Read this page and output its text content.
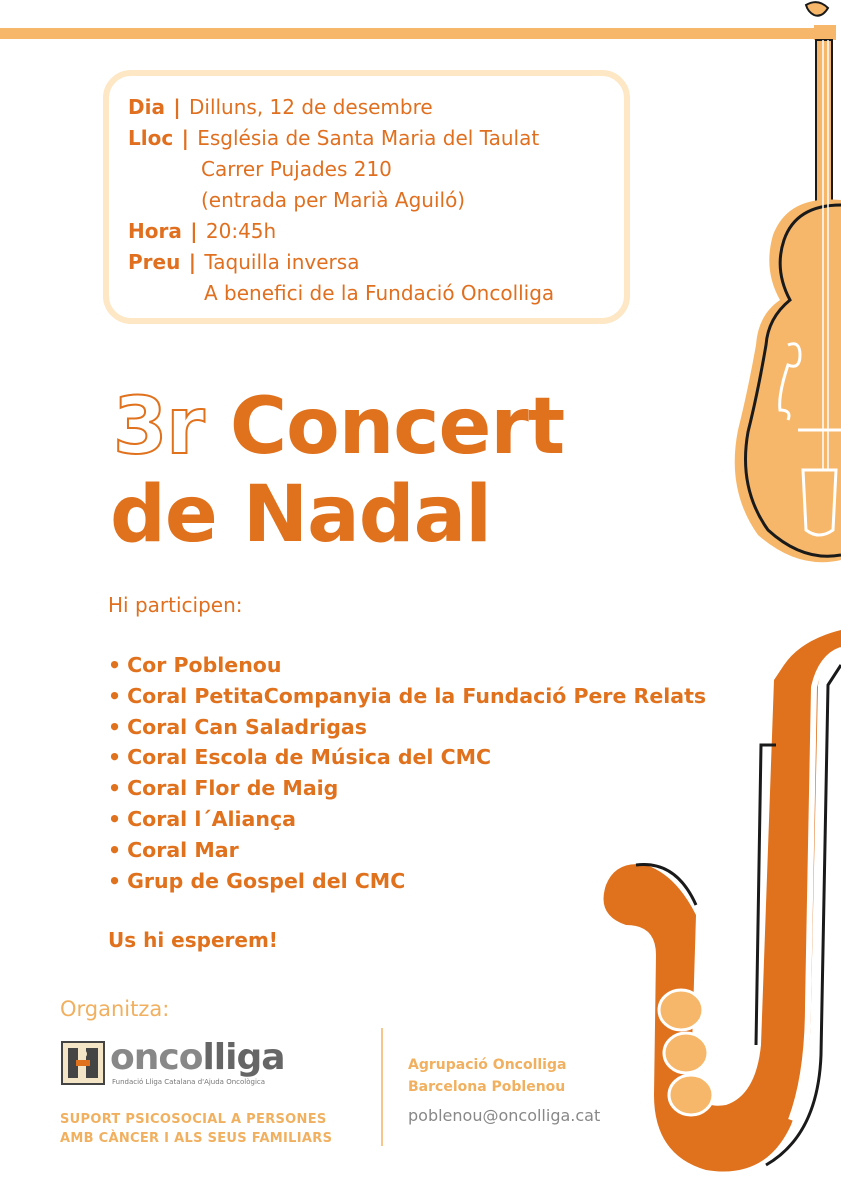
Dia | Dilluns, 12 de desembre
Lloc | Església de Santa Maria del Taulat
Carrer Pujades 210
(entrada per Marià Aguiló)
Hora | 20:45h
Preu | Taquilla inversa
A benefici de la Fundació Oncolliga
3r Concert
de Nadal
Hi participen:
• Cor Poblenou
• Coral PetitaCompanyia de la Fundació Pere Relats
• Coral Can Saladrigas
• Coral Escola de Música del CMC
• Coral Flor de Maig
• Coral l´Aliança
• Coral Mar
• Grup de Gospel del CMC
Us hi esperem!
Organitza:
oncolliga
Fundació Lliga Catalana d'Ajuda Oncològica
SUPORT PSICOSOCIAL A PERSONES
AMB CÀNCER I ALS SEUS FAMILIARS
Agrupació Oncolliga
Barcelona Poblenou
poblenou@oncolliga.cat
